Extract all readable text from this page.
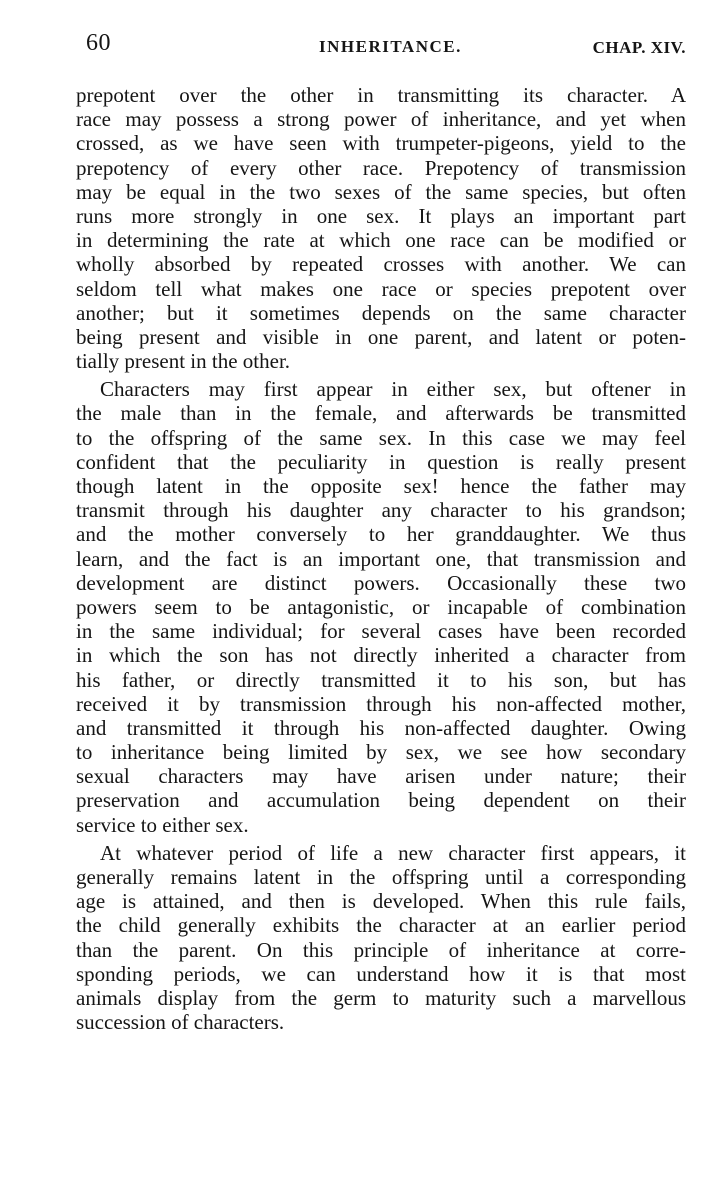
60	INHERITANCE.	CHAP. XIV.
prepotent over the other in transmitting its character. A
race may possess a strong power of inheritance, and yet when
crossed, as we have seen with trumpeter-pigeons, yield to the
prepotency of every other race. Prepotency of transmission
may be equal in the two sexes of the same species, but often
runs more strongly in one sex. It plays an important part
in determining the rate at which one race can be modified or
wholly absorbed by repeated crosses with another. We can
seldom tell what makes one race or species prepotent over
another; but it sometimes depends on the same character
being present and visible in one parent, and latent or poten-
tially present in the other.
Characters may first appear in either sex, but oftener in
the male than in the female, and afterwards be transmitted
to the offspring of the same sex. In this case we may feel
confident that the peculiarity in question is really present
though latent in the opposite sex! hence the father may
transmit through his daughter any character to his grandson;
and the mother conversely to her granddaughter. We thus
learn, and the fact is an important one, that transmission and
development are distinct powers. Occasionally these two
powers seem to be antagonistic, or incapable of combination
in the same individual; for several cases have been recorded
in which the son has not directly inherited a character from
his father, or directly transmitted it to his son, but has
received it by transmission through his non-affected mother,
and transmitted it through his non-affected daughter. Owing
to inheritance being limited by sex, we see how secondary
sexual characters may have arisen under nature; their
preservation and accumulation being dependent on their
service to either sex.
At whatever period of life a new character first appears, it
generally remains latent in the offspring until a corresponding
age is attained, and then is developed. When this rule fails,
the child generally exhibits the character at an earlier period
than the parent. On this principle of inheritance at corre-
sponding periods, we can understand how it is that most
animals display from the germ to maturity such a marvellous
succession of characters.
